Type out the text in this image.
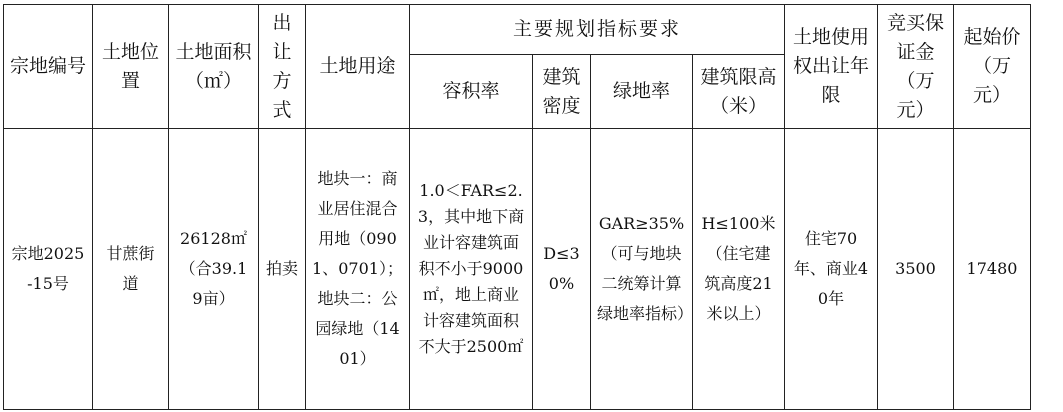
宗地编号	土地位置	土地面积（㎡）	出让方式	土地用途	主要规划指标要求				土地使用权出让年限	竞买保证金（万元）	起始价（万元）

					容积率	建筑密度	绿地率	建筑限高（米）			

宗地2025-15号	甘蔗街道	26128㎡（合39.19亩）	拍卖	地块一：商业居住混合用地（0901、0701）；地块二：公园绿地（1401）	1.0＜FAR≤2.3，其中地下商业计容建筑面积不小于9000㎡，地上商业计容建筑面积不大于2500㎡	D≤30%	GAR≥35%（可与地块二统筹计算绿地率指标）	H≤100米（住宅建筑高度21米以上）	住宅70年、商业40年	3500	17480
